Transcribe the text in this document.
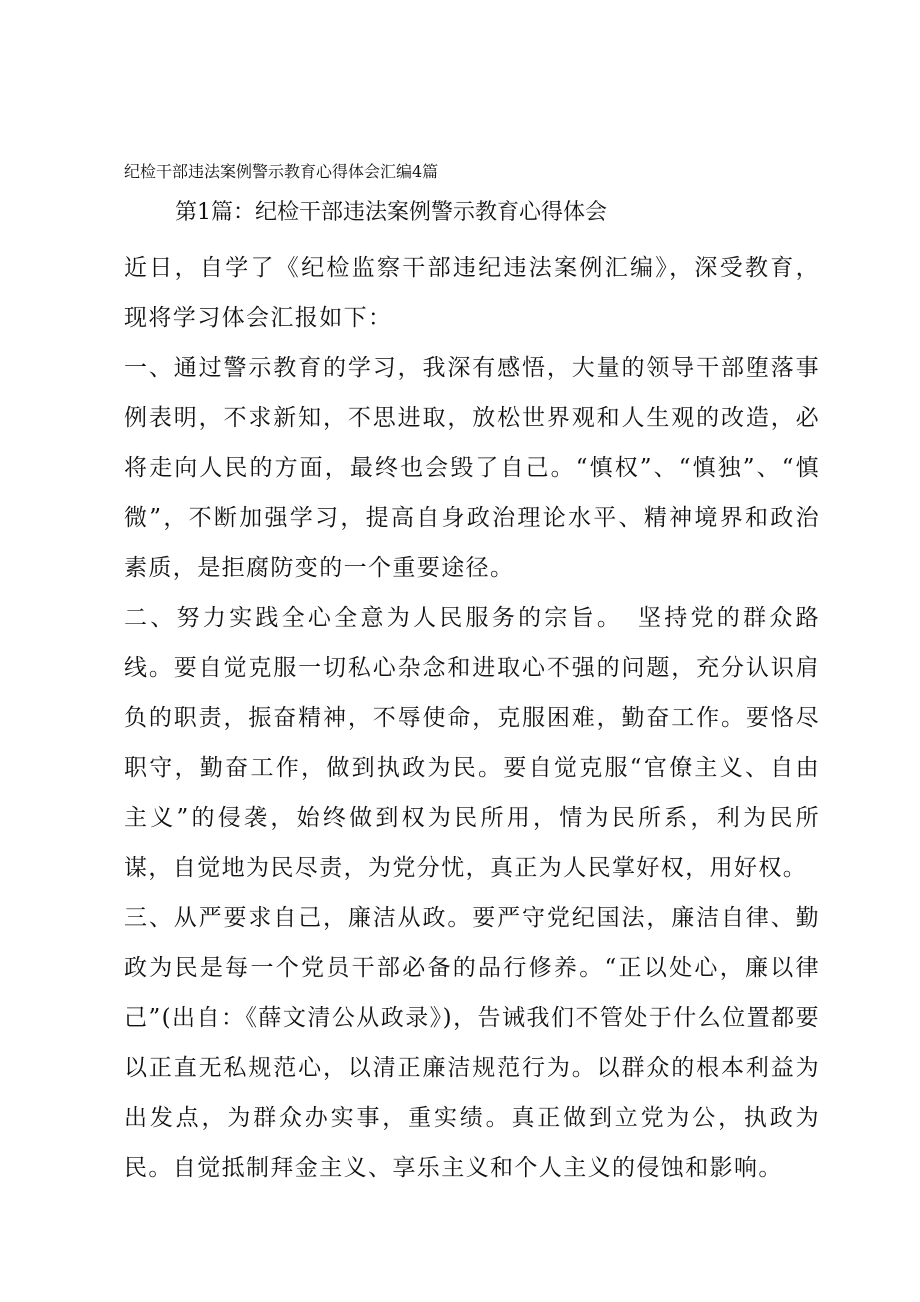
纪检干部违法案例警示教育心得体会汇编4篇
第1篇：纪检干部违法案例警示教育心得体会

近日，自学了《纪检监察干部违纪违法案例汇编》，深受教育，现将学习体会汇报如下：

一、通过警示教育的学习，我深有感悟，大量的领导干部堕落事例表明，不求新知，不思进取，放松世界观和人生观的改造，必将走向人民的方面，最终也会毁了自己。“慎权”、“慎独”、“慎微”，不断加强学习，提高自身政治理论水平、精神境界和政治素质，是拒腐防变的一个重要途径。

二、努力实践全心全意为人民服务的宗旨。　坚持党的群众路线。要自觉克服一切私心杂念和进取心不强的问题，充分认识肩负的职责，振奋精神，不辱使命，克服困难，勤奋工作。要恪尽职守，勤奋工作，做到执政为民。要自觉克服“官僚主义、自由主义”的侵袭，始终做到权为民所用，情为民所系，利为民所谋，自觉地为民尽责，为党分忧，真正为人民掌好权，用好权。

三、从严要求自己，廉洁从政。要严守党纪国法，廉洁自律、勤政为民是每一个党员干部必备的品行修养。“正以处心，廉以律己”(出自：《薛文清公从政录》)，告诫我们不管处于什么位置都要以正直无私规范心，以清正廉洁规范行为。以群众的根本利益为出发点，为群众办实事，重实绩。真正做到立党为公，执政为民。自觉抵制拜金主义、享乐主义和个人主义的侵蚀和影响。
